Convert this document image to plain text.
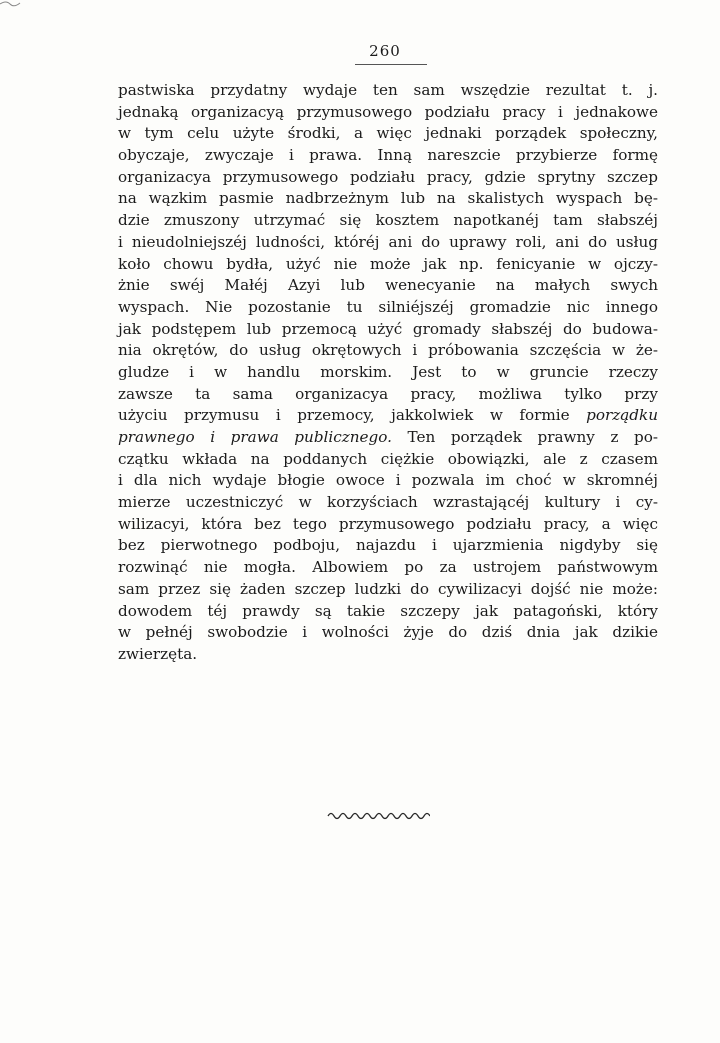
260
pastwiska przydatny wydaje ten sam wszędzie rezultat t. j.
jednaką organizacyą przymusowego podziału pracy i jednakowe
w tym celu użyte środki, a więc jednaki porządek społeczny,
obyczaje, zwyczaje i prawa. Inną nareszcie przybierze formę
organizacya przymusowego podziału pracy, gdzie sprytny szczep
na wązkim pasmie nadbrzeżnym lub na skalistych wyspach bę-
dzie zmuszony utrzymać się kosztem napotkanéj tam słabszéj
i nieudolniejszéj ludności, któréj ani do uprawy roli, ani do usług
koło chowu bydła, użyć nie może jak np. fenicyanie w ojczy-
żnie swéj Małéj Azyi lub wenecyanie na małych swych
wyspach. Nie pozostanie tu silniéjszéj gromadzie nic innego
jak podstępem lub przemocą użyć gromady słabszéj do budowa-
nia okrętów, do usług okrętowych i próbowania szczęścia w że-
gludze i w handlu morskim. Jest to w gruncie rzeczy
zawsze ta sama organizacya pracy, możliwa tylko przy
użyciu przymusu i przemocy, jakkolwiek w formie porządku
prawnego i prawa publicznego. Ten porządek prawny z po-
czątku wkłada na poddanych ciężkie obowiązki, ale z czasem
i dla nich wydaje błogie owoce i pozwala im choć w skromnéj
mierze uczestniczyć w korzyściach wzrastającéj kultury i cy-
wilizacyi, która bez tego przymusowego podziału pracy, a więc
bez pierwotnego podboju, najazdu i ujarzmienia nigdyby się
rozwinąć nie mogła. Albowiem po za ustrojem państwowym
sam przez się żaden szczep ludzki do cywilizacyi dojść nie może:
dowodem téj prawdy są takie szczepy jak patagoński, który
w pełnéj swobodzie i wolności żyje do dziś dnia jak dzikie
zwierzęta.
